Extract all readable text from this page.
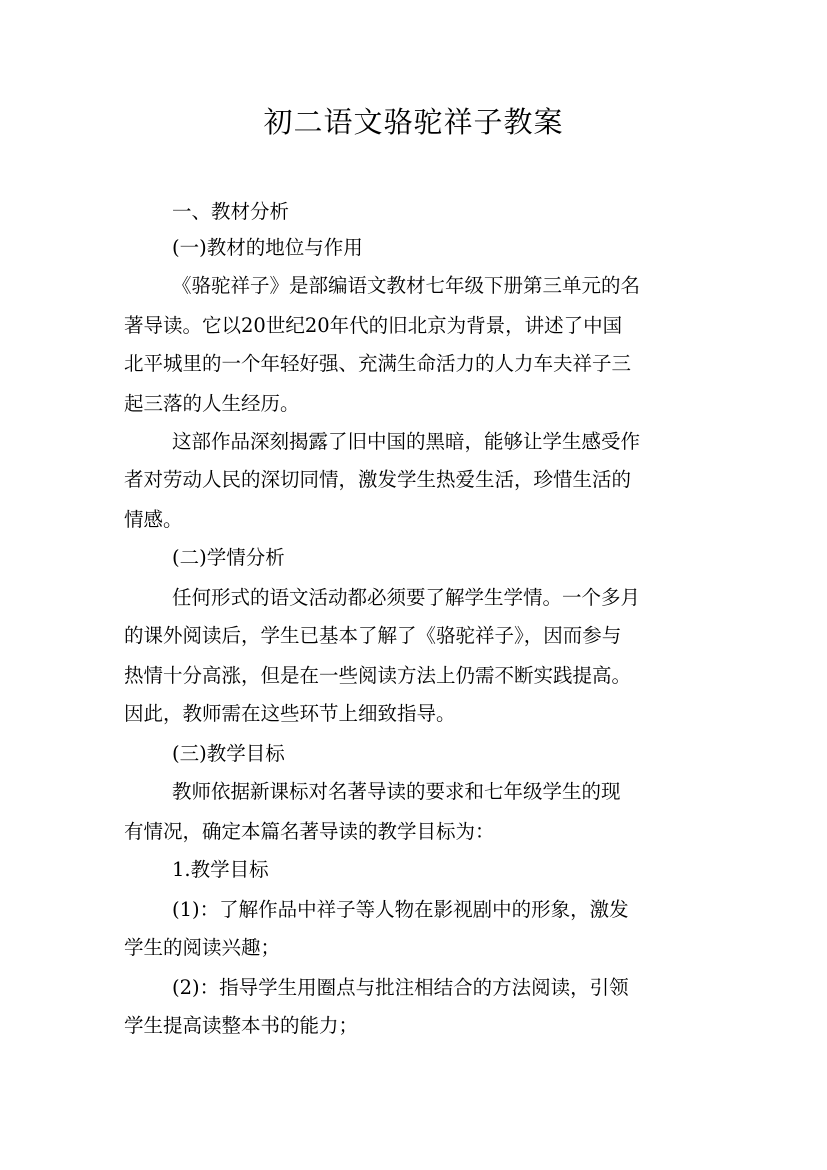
初二语文骆驼祥子教案
一、教材分析
(一)教材的地位与作用
《骆驼祥子》是部编语文教材七年级下册第三单元的名
著导读。它以20世纪20年代的旧北京为背景，讲述了中国
北平城里的一个年轻好强、充满生命活力的人力车夫祥子三
起三落的人生经历。
这部作品深刻揭露了旧中国的黑暗，能够让学生感受作
者对劳动人民的深切同情，激发学生热爱生活，珍惜生活的
情感。
(二)学情分析
任何形式的语文活动都必须要了解学生学情。一个多月
的课外阅读后，学生已基本了解了《骆驼祥子》，因而参与
热情十分高涨，但是在一些阅读方法上仍需不断实践提高。
因此，教师需在这些环节上细致指导。
(三)教学目标
教师依据新课标对名著导读的要求和七年级学生的现
有情况，确定本篇名著导读的教学目标为：
1.教学目标
(1)：了解作品中祥子等人物在影视剧中的形象，激发
学生的阅读兴趣；
(2)：指导学生用圈点与批注相结合的方法阅读，引领
学生提高读整本书的能力；
